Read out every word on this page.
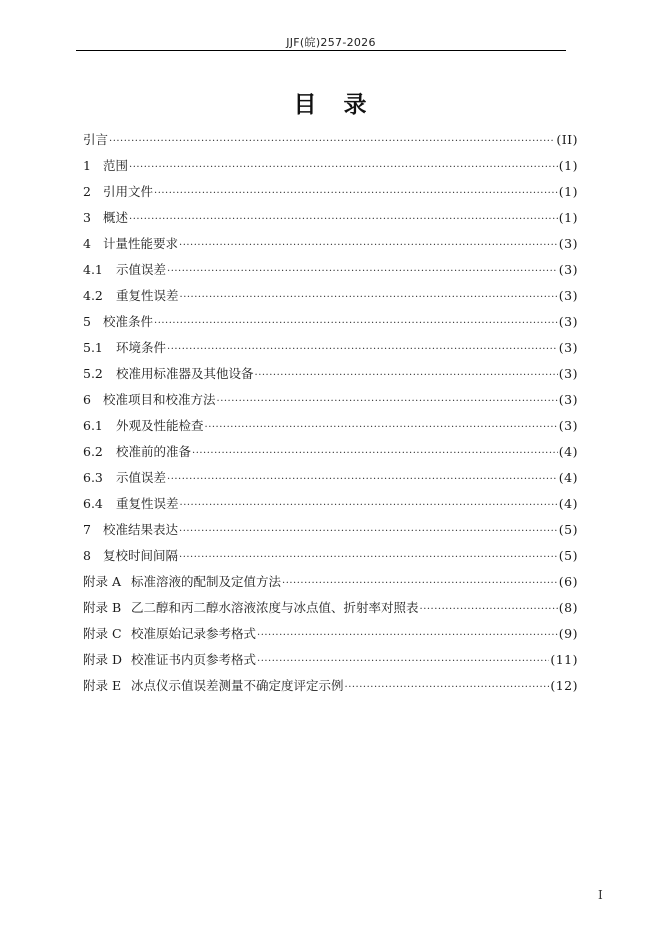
JJF(皖)257-2026
目　录
引言 ·····	(II)
1 范围 ·····	(1)
2 引用文件 ·····	(1)
3 概述 ·····	(1)
4 计量性能要求 ·····	(3)
4.1 示值误差 ·····	(3)
4.2 重复性误差 ·····	(3)
5 校准条件 ·····	(3)
5.1 环境条件 ·····	(3)
5.2 校准用标准器及其他设备 ·····	(3)
6 校准项目和校准方法 ·····	(3)
6.1 外观及性能检查 ·····	(3)
6.2 校准前的准备 ·····	(4)
6.3 示值误差 ·····	(4)
6.4 重复性误差 ·····	(4)
7 校准结果表达 ·····	(5)
8 复校时间间隔 ·····	(5)
附录 A 标准溶液的配制及定值方法 ·····	(6)
附录 B 乙二醇和丙二醇水溶液浓度与冰点值、折射率对照表 ·····	(8)
附录 C 校准原始记录参考格式 ·····	(9)
附录 D 校准证书内页参考格式 ·····	(11)
附录 E 冰点仪示值误差测量不确定度评定示例 ·····	(12)
I
